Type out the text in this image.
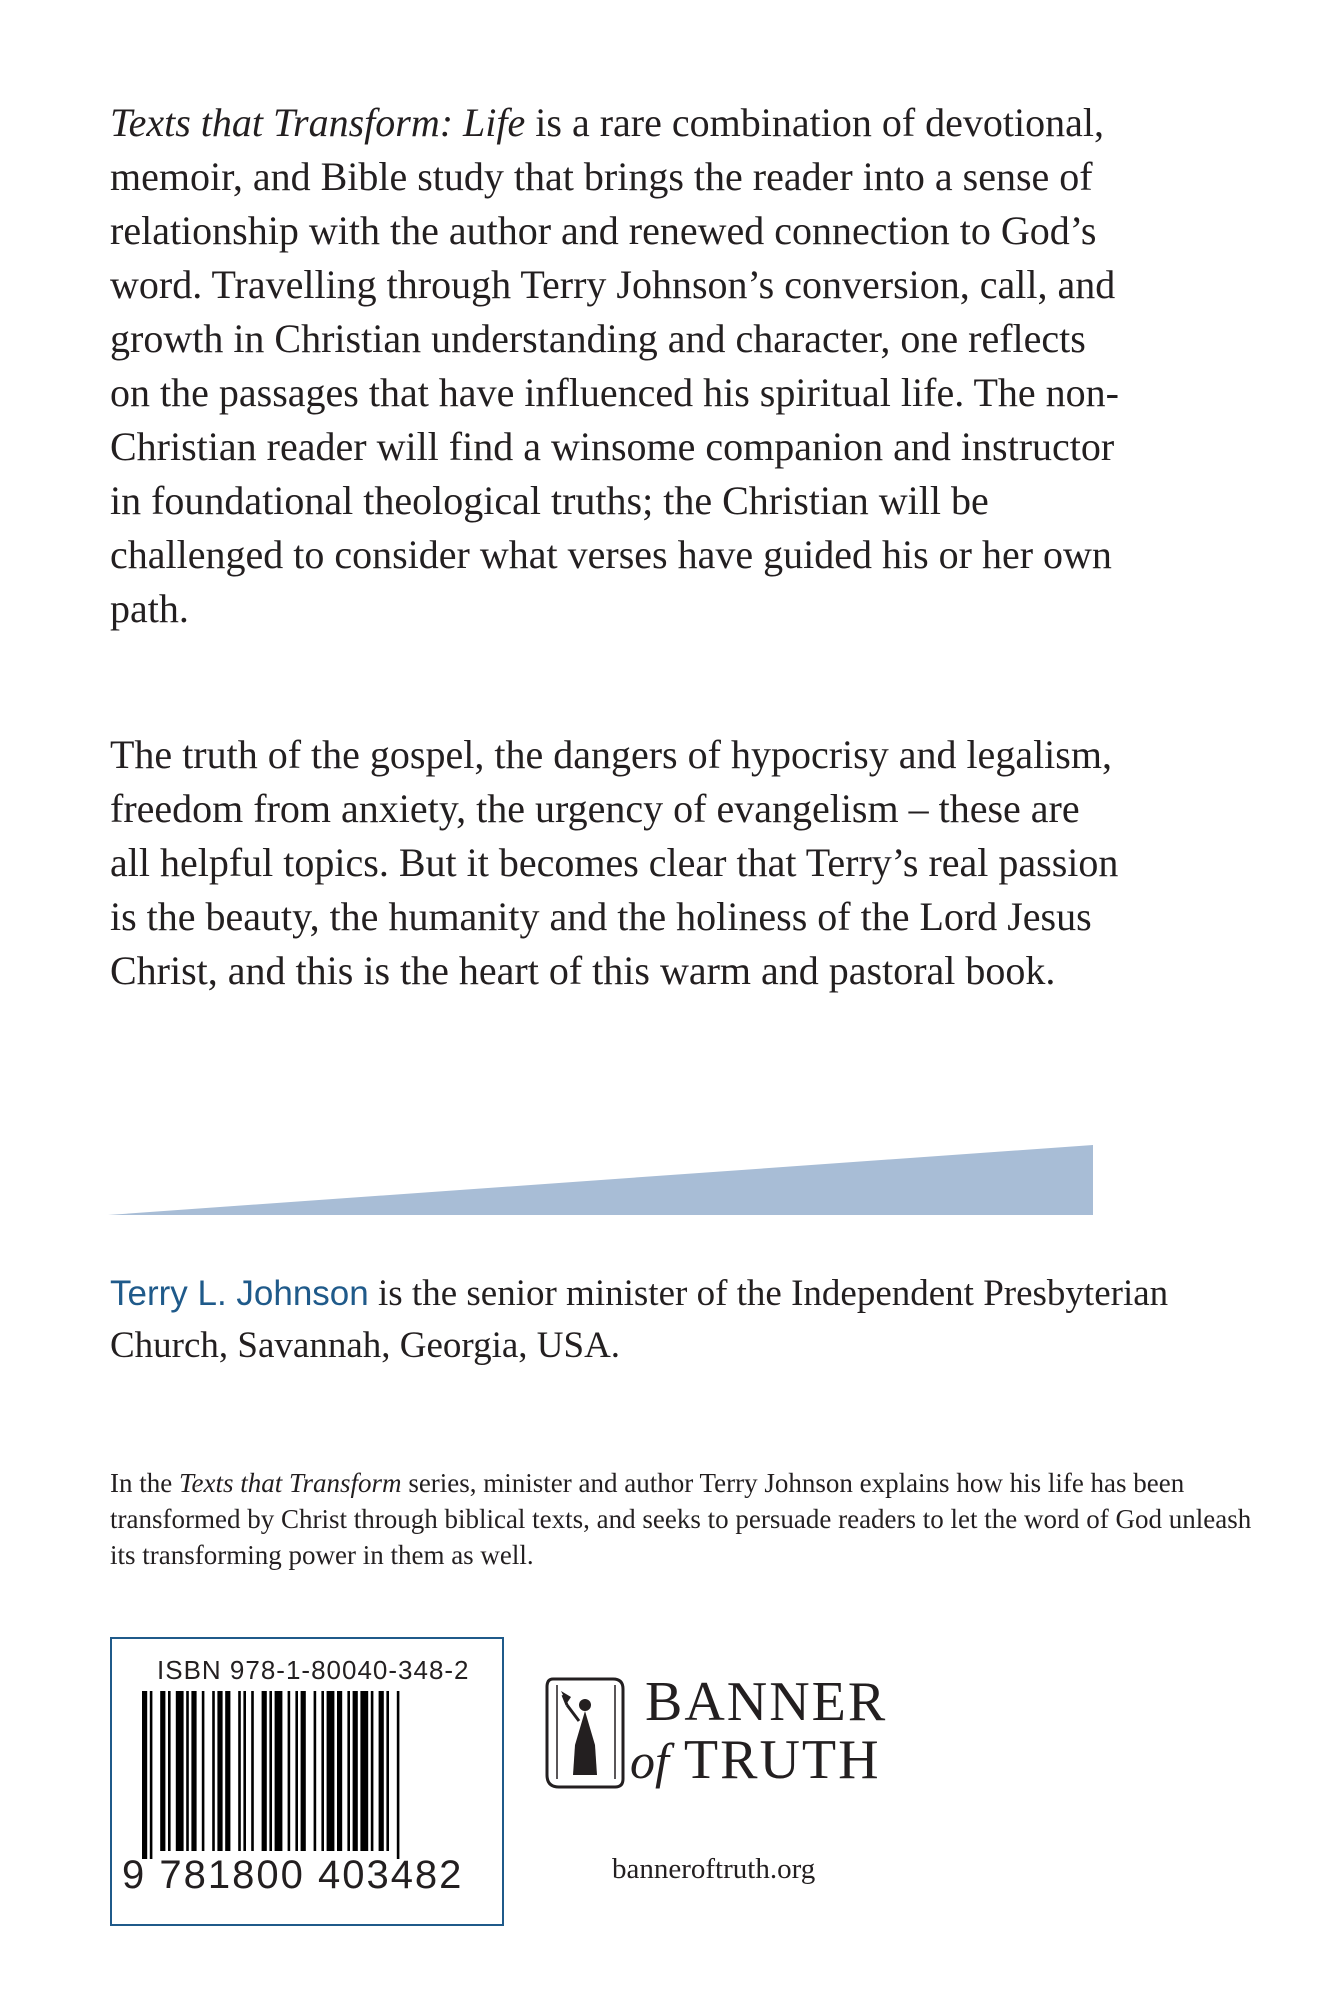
Texts that Transform: Life is a rare combination of devotional, memoir, and Bible study that brings the reader into a sense of relationship with the author and renewed connection to God’s word. Travelling through Terry Johnson’s conversion, call, and growth in Christian understanding and character, one reflects on the passages that have influenced his spiritual life. The non-Christian reader will find a winsome companion and instructor in foundational theological truths; the Christian will be challenged to consider what verses have guided his or her own path.

The truth of the gospel, the dangers of hypocrisy and legalism, freedom from anxiety, the urgency of evangelism – these are all helpful topics. But it becomes clear that Terry’s real passion is the beauty, the humanity and the holiness of the Lord Jesus Christ, and this is the heart of this warm and pastoral book.

Terry L. Johnson is the senior minister of the Independent Presbyterian Church, Savannah, Georgia, USA.

In the Texts that Transform series, minister and author Terry Johnson explains how his life has been transformed by Christ through biblical texts, and seeks to persuade readers to let the word of God unleash its transforming power in them as well.

ISBN 978-1-80040-348-2
9 781800 403482
BANNER
of TRUTH
banneroftruth.org
